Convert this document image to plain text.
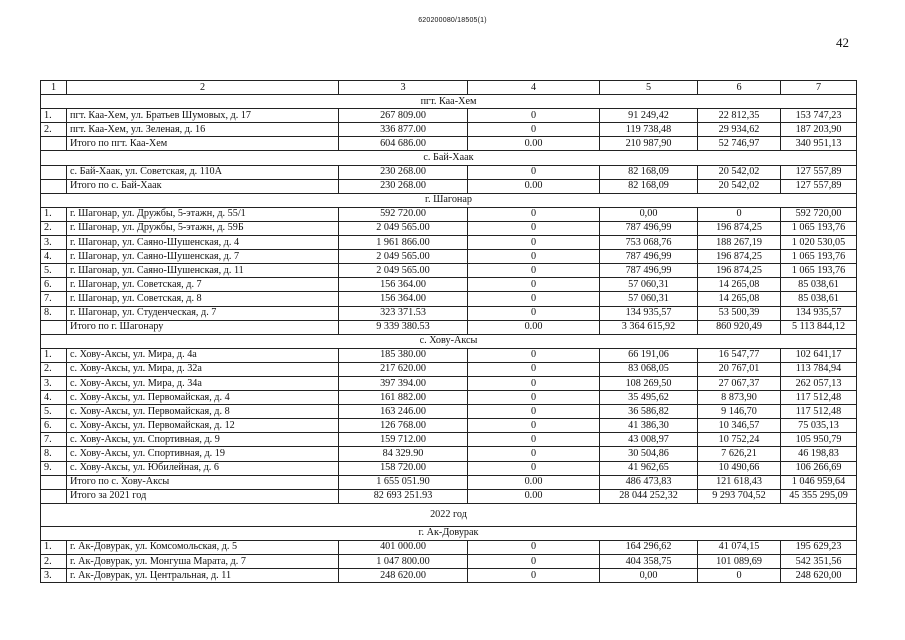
620200080/18505(1)
42
1	2	3	4	5	6	7
пгт. Каа-Хем						
1.	пгт. Каа-Хем, ул. Братьев Шумовых, д. 17	267 809.00	0	91 249,42	22 812,35	153 747,23
2.	пгт. Каа-Хем, ул. Зеленая, д. 16	336 877.00	0	119 738,48	29 934,62	187 203,90
	Итого по пгт. Каа-Хем	604 686.00	0.00	210 987,90	52 746,97	340 951,13
с. Бай-Хаак						
	с. Бай-Хаак, ул. Советская, д. 110А	230 268.00	0	82 168,09	20 542,02	127 557,89
	Итого по с. Бай-Хаак	230 268.00	0.00	82 168,09	20 542,02	127 557,89
г. Шагонар						
1.	г. Шагонар, ул. Дружбы, 5-этажн, д. 55/1	592 720.00	0	0,00	0	592 720,00
2.	г. Шагонар, ул. Дружбы, 5-этажн, д. 59Б	2 049 565.00	0	787 496,99	196 874,25	1 065 193,76
3.	г. Шагонар, ул. Саяно-Шушенская, д. 4	1 961 866.00	0	753 068,76	188 267,19	1 020 530,05
4.	г. Шагонар, ул. Саяно-Шушенская, д. 7	2 049 565.00	0	787 496,99	196 874,25	1 065 193,76
5.	г. Шагонар, ул. Саяно-Шушенская, д. 11	2 049 565.00	0	787 496,99	196 874,25	1 065 193,76
6.	г. Шагонар, ул. Советская, д. 7	156 364.00	0	57 060,31	14 265,08	85 038,61
7.	г. Шагонар, ул. Советская, д. 8	156 364.00	0	57 060,31	14 265,08	85 038,61
8.	г. Шагонар, ул. Студенческая, д. 7	323 371.53	0	134 935,57	53 500,39	134 935,57
	Итого по г. Шагонару	9 339 380.53	0.00	3 364 615,92	860 920,49	5 113 844,12
с. Хову-Аксы						
1.	с. Хову-Аксы, ул. Мира, д. 4а	185 380.00	0	66 191,06	16 547,77	102 641,17
2.	с. Хову-Аксы, ул. Мира, д. 32а	217 620.00	0	83 068,05	20 767,01	113 784,94
3.	с. Хову-Аксы, ул. Мира, д. 34а	397 394.00	0	108 269,50	27 067,37	262 057,13
4.	с. Хову-Аксы, ул. Первомайская, д. 4	161 882.00	0	35 495,62	8 873,90	117 512,48
5.	с. Хову-Аксы, ул. Первомайская, д. 8	163 246.00	0	36 586,82	9 146,70	117 512,48
6.	с. Хову-Аксы, ул. Первомайская, д. 12	126 768.00	0	41 386,30	10 346,57	75 035,13
7.	с. Хову-Аксы, ул. Спортивная, д. 9	159 712.00	0	43 008,97	10 752,24	105 950,79
8.	с. Хову-Аксы, ул. Спортивная, д. 19	84 329.90	0	30 504,86	7 626,21	46 198,83
9.	с. Хову-Аксы, ул. Юбилейная, д. 6	158 720.00	0	41 962,65	10 490,66	106 266,69
	Итого по с. Хову-Аксы	1 655 051.90	0.00	486 473,83	121 618,43	1 046 959,64
	Итого за 2021 год	82 693 251.93	0.00	28 044 252,32	9 293 704,52	45 355 295,09
2022 год						
г. Ак-Довурак						
1.	г. Ак-Довурак, ул. Комсомольская, д. 5	401 000.00	0	164 296,62	41 074,15	195 629,23
2.	г. Ак-Довурак, ул. Монгуша Марата, д. 7	1 047 800.00	0	404 358,75	101 089,69	542 351,56
3.	г. Ак-Довурак, ул. Центральная, д. 11	248 620.00	0	0,00	0	248 620,00
